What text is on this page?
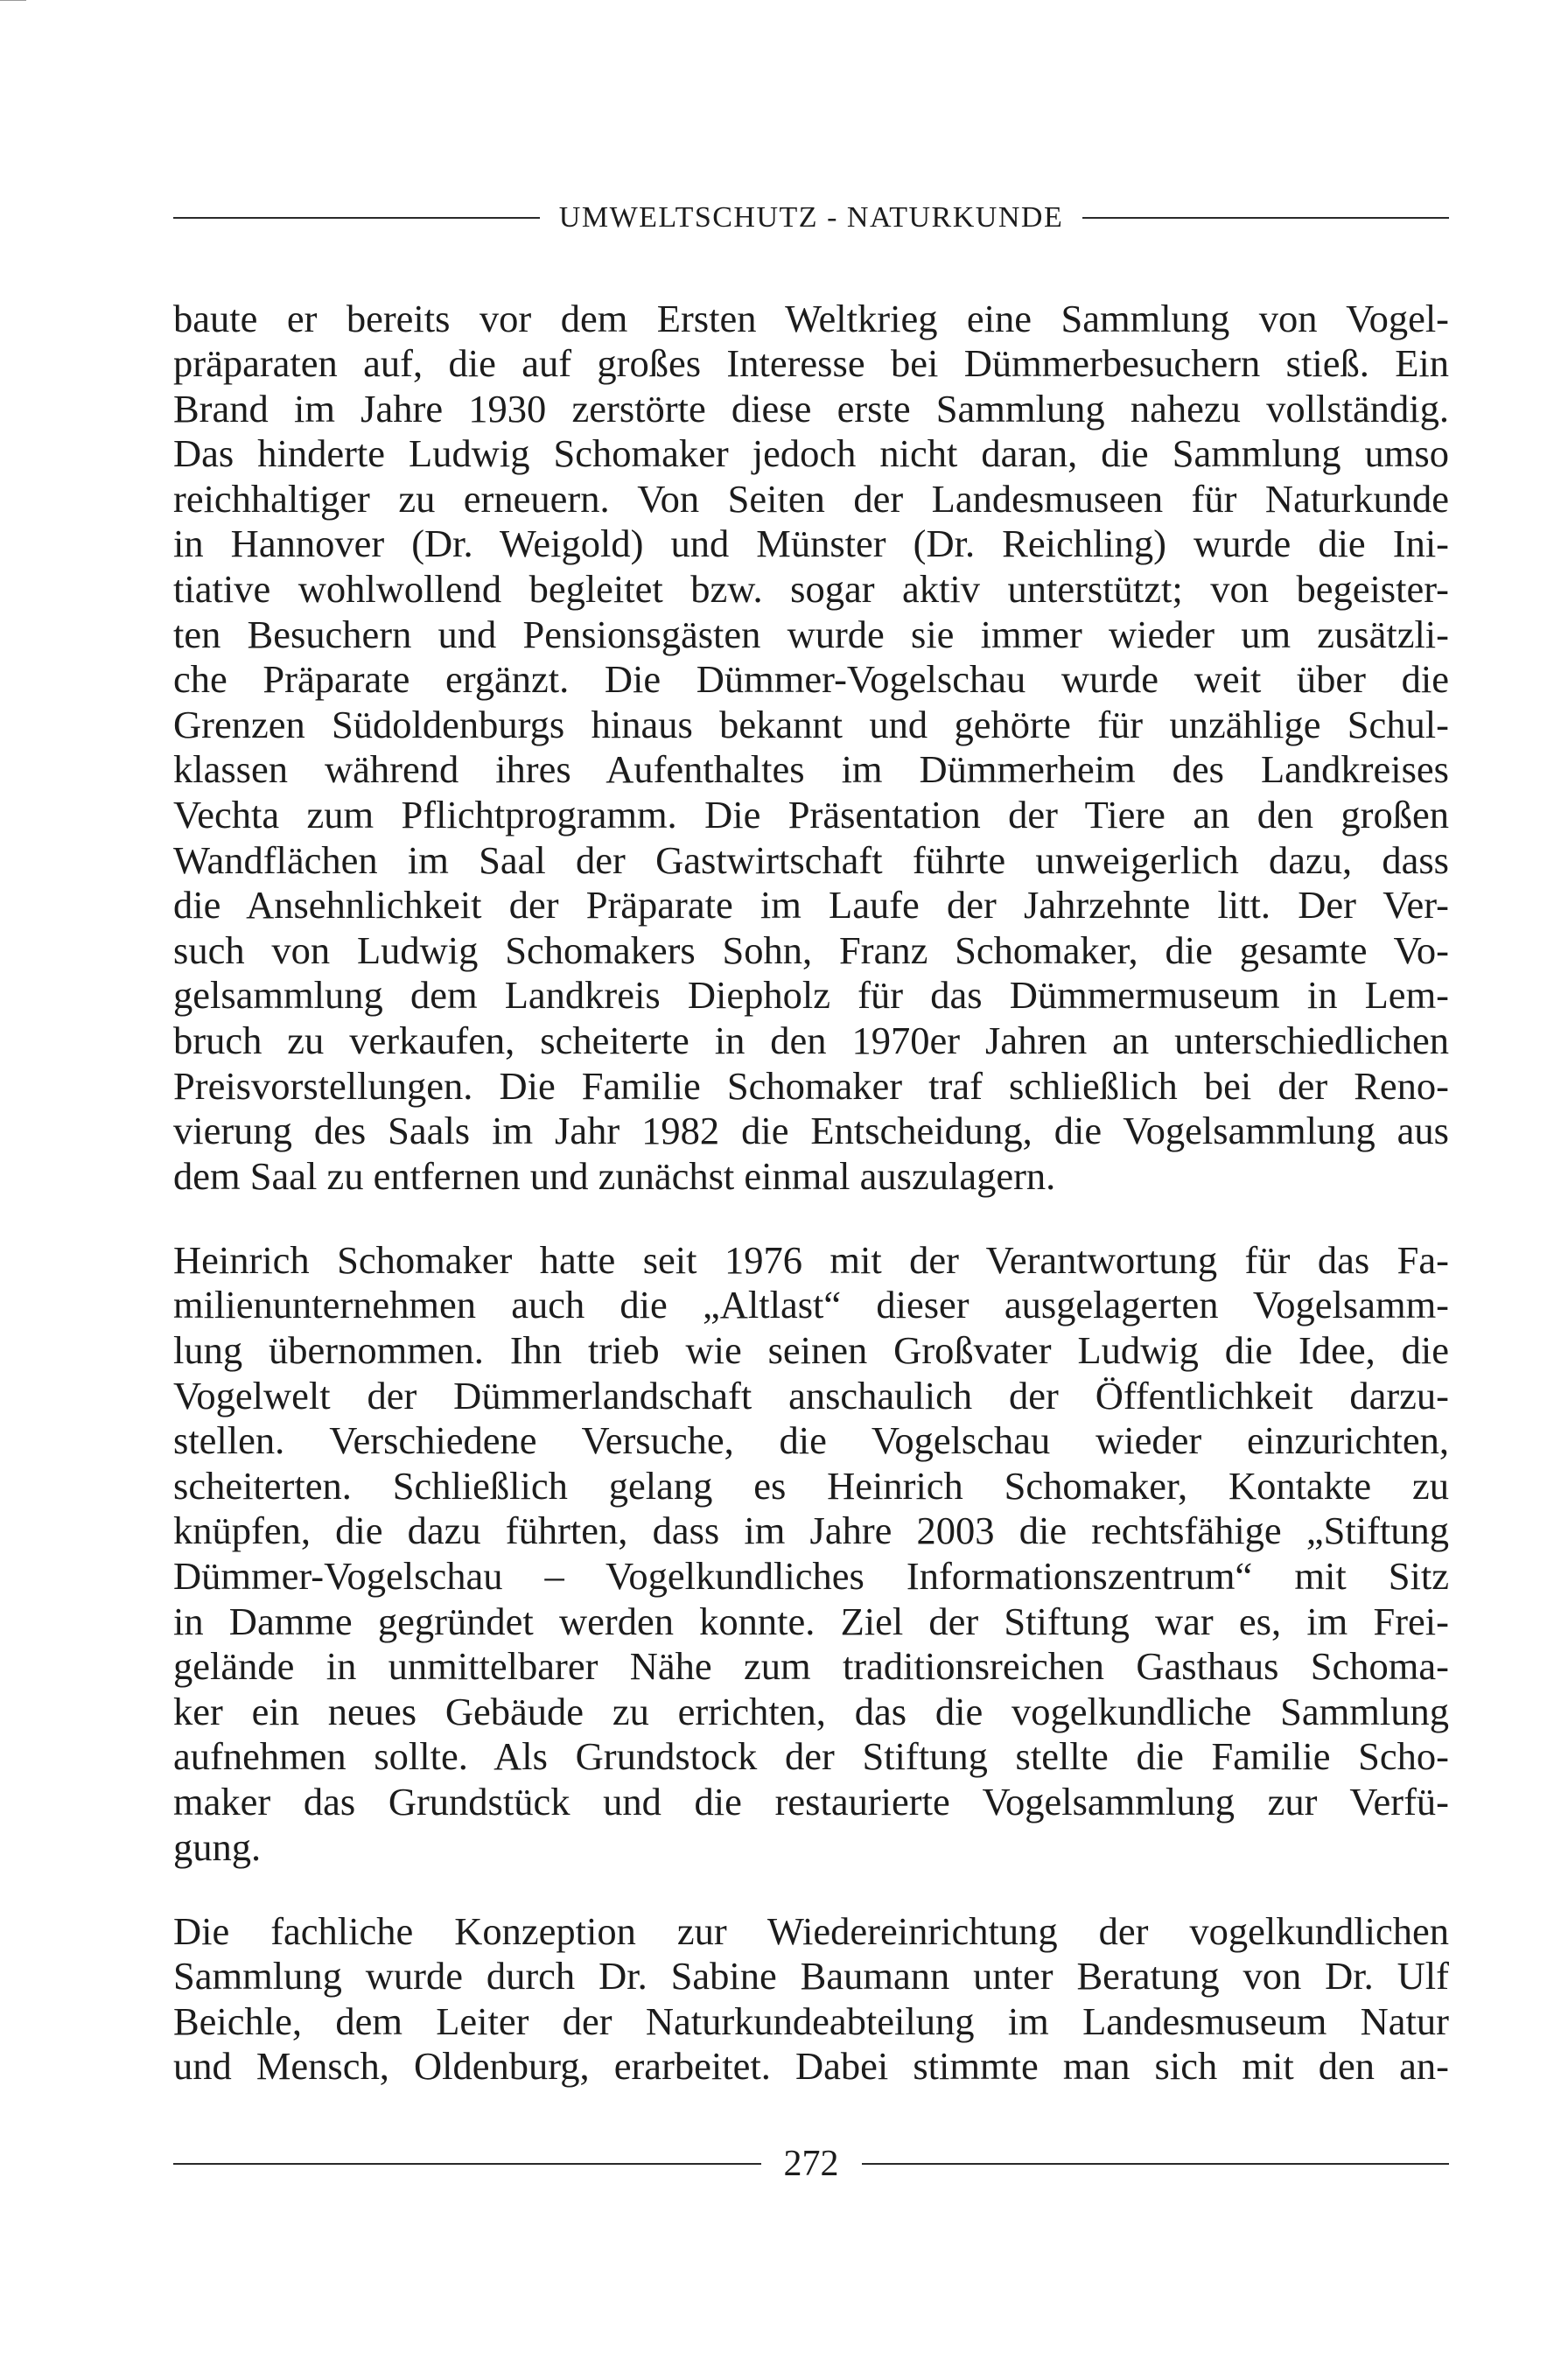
UMWELTSCHUTZ - NATURKUNDE

baute er bereits vor dem Ersten Weltkrieg eine Sammlung von Vogel-
präparaten auf, die auf großes Interesse bei Dümmerbesuchern stieß. Ein
Brand im Jahre 1930 zerstörte diese erste Sammlung nahezu vollständig.
Das hinderte Ludwig Schomaker jedoch nicht daran, die Sammlung umso
reichhaltiger zu erneuern. Von Seiten der Landesmuseen für Naturkunde
in Hannover (Dr. Weigold) und Münster (Dr. Reichling) wurde die Ini-
tiative wohlwollend begleitet bzw. sogar aktiv unterstützt; von begeister-
ten Besuchern und Pensionsgästen wurde sie immer wieder um zusätzli-
che Präparate ergänzt. Die Dümmer-Vogelschau wurde weit über die
Grenzen Südoldenburgs hinaus bekannt und gehörte für unzählige Schul-
klassen während ihres Aufenthaltes im Dümmerheim des Landkreises
Vechta zum Pflichtprogramm. Die Präsentation der Tiere an den großen
Wandflächen im Saal der Gastwirtschaft führte unweigerlich dazu, dass
die Ansehnlichkeit der Präparate im Laufe der Jahrzehnte litt. Der Ver-
such von Ludwig Schomakers Sohn, Franz Schomaker, die gesamte Vo-
gelsammlung dem Landkreis Diepholz für das Dümmermuseum in Lem-
bruch zu verkaufen, scheiterte in den 1970er Jahren an unterschiedlichen
Preisvorstellungen. Die Familie Schomaker traf schließlich bei der Reno-
vierung des Saals im Jahr 1982 die Entscheidung, die Vogelsammlung aus
dem Saal zu entfernen und zunächst einmal auszulagern.

Heinrich Schomaker hatte seit 1976 mit der Verantwortung für das Fa-
milienunternehmen auch die „Altlast“ dieser ausgelagerten Vogelsamm-
lung übernommen. Ihn trieb wie seinen Großvater Ludwig die Idee, die
Vogelwelt der Dümmerlandschaft anschaulich der Öffentlichkeit darzu-
stellen. Verschiedene Versuche, die Vogelschau wieder einzurichten,
scheiterten. Schließlich gelang es Heinrich Schomaker, Kontakte zu
knüpfen, die dazu führten, dass im Jahre 2003 die rechtsfähige „Stiftung
Dümmer-Vogelschau – Vogelkundliches Informationszentrum“ mit Sitz
in Damme gegründet werden konnte. Ziel der Stiftung war es, im Frei-
gelände in unmittelbarer Nähe zum traditionsreichen Gasthaus Schoma-
ker ein neues Gebäude zu errichten, das die vogelkundliche Sammlung
aufnehmen sollte. Als Grundstock der Stiftung stellte die Familie Scho-
maker das Grundstück und die restaurierte Vogelsammlung zur Verfü-
gung.

Die fachliche Konzeption zur Wiedereinrichtung der vogelkundlichen
Sammlung wurde durch Dr. Sabine Baumann unter Beratung von Dr. Ulf
Beichle, dem Leiter der Naturkundeabteilung im Landesmuseum Natur
und Mensch, Oldenburg, erarbeitet. Dabei stimmte man sich mit den an-

272
